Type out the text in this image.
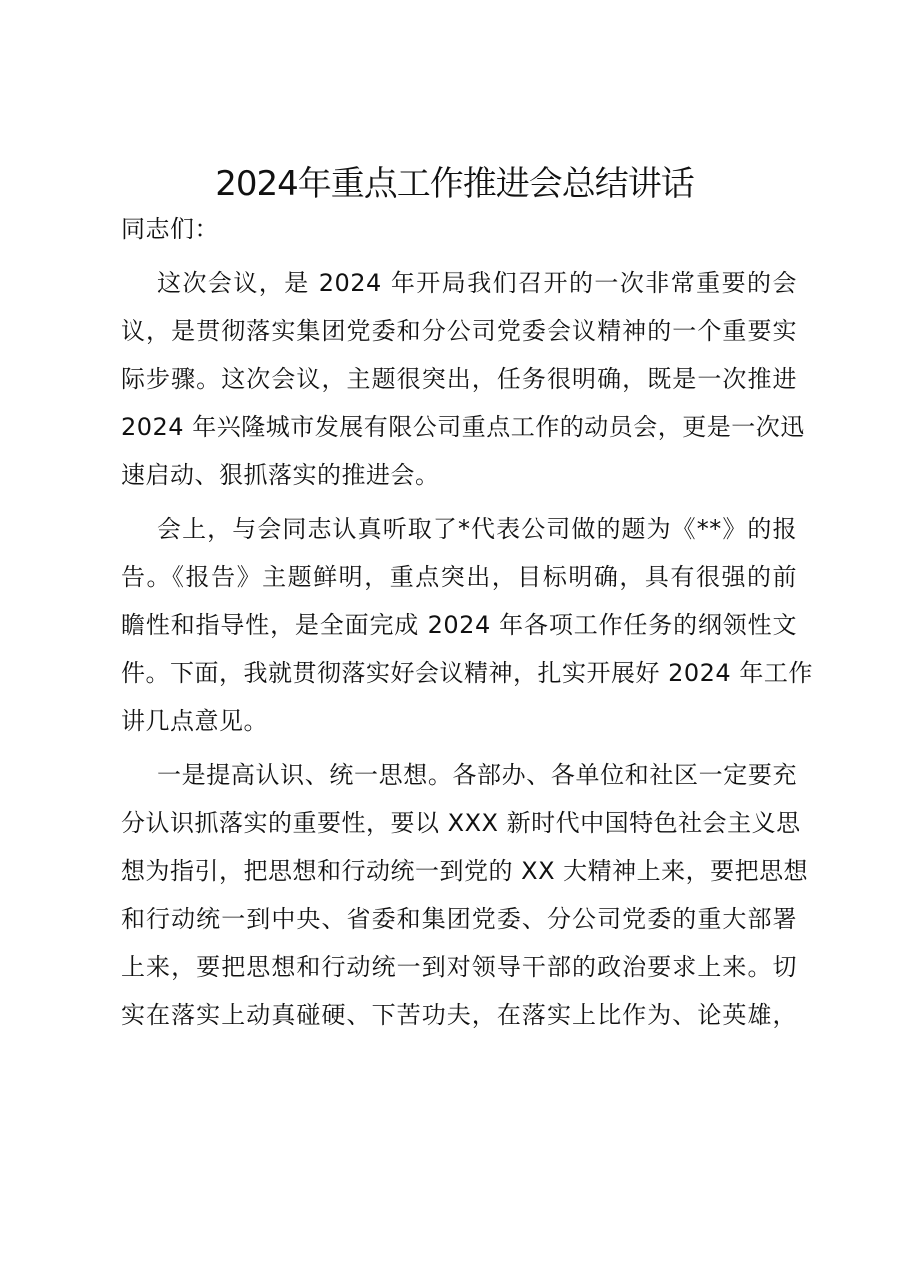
2024年重点工作推进会总结讲话
同志们：
这次会议，是 2024 年开局我们召开的一次非常重要的会
议，是贯彻落实集团党委和分公司党委会议精神的一个重要实
际步骤。这次会议，主题很突出，任务很明确，既是一次推进
2024 年兴隆城市发展有限公司重点工作的动员会，更是一次迅
速启动、狠抓落实的推进会。
会上，与会同志认真听取了*代表公司做的题为《**》的报
告。《报告》主题鲜明，重点突出，目标明确，具有很强的前
瞻性和指导性，是全面完成 2024 年各项工作任务的纲领性文
件。下面，我就贯彻落实好会议精神，扎实开展好 2024 年工作
讲几点意见。
一是提高认识、统一思想。各部办、各单位和社区一定要充
分认识抓落实的重要性，要以 XXX 新时代中国特色社会主义思
想为指引，把思想和行动统一到党的 XX 大精神上来，要把思想
和行动统一到中央、省委和集团党委、分公司党委的重大部署
上来，要把思想和行动统一到对领导干部的政治要求上来。切
实在落实上动真碰硬、下苦功夫，在落实上比作为、论英雄，
